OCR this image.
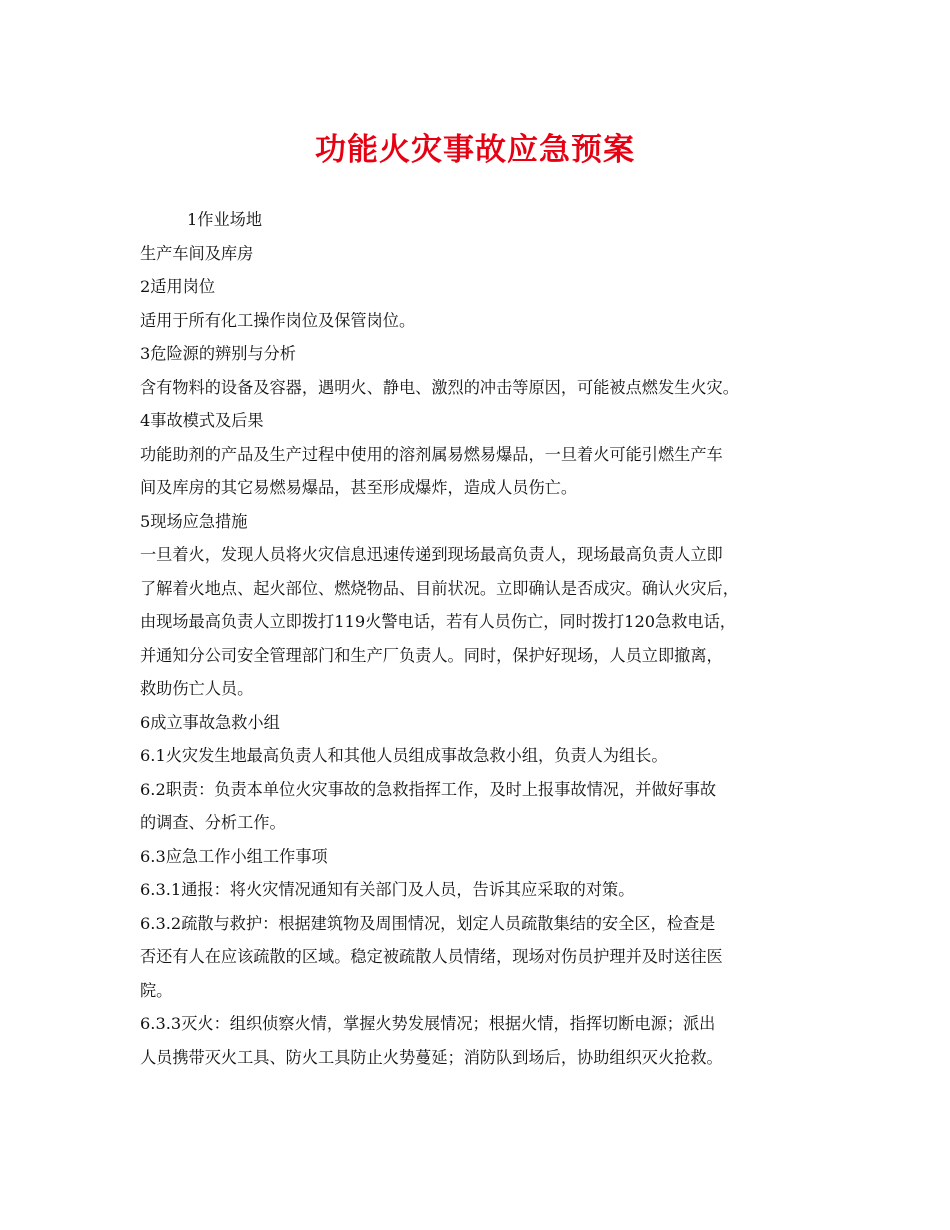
功能火灾事故应急预案
1作业场地
生产车间及库房
2适用岗位
适用于所有化工操作岗位及保管岗位。
3危险源的辨别与分析
含有物料的设备及容器，遇明火、静电、激烈的冲击等原因，可能被点燃发生火灾。
4事故模式及后果
功能助剂的产品及生产过程中使用的溶剂属易燃易爆品，一旦着火可能引燃生产车
间及库房的其它易燃易爆品，甚至形成爆炸，造成人员伤亡。
5现场应急措施
一旦着火，发现人员将火灾信息迅速传递到现场最高负责人，现场最高负责人立即
了解着火地点、起火部位、燃烧物品、目前状况。立即确认是否成灾。确认火灾后，
由现场最高负责人立即拨打119火警电话，若有人员伤亡，同时拨打120急救电话，
并通知分公司安全管理部门和生产厂负责人。同时，保护好现场，人员立即撤离，
救助伤亡人员。
6成立事故急救小组
6.1火灾发生地最高负责人和其他人员组成事故急救小组，负责人为组长。
6.2职责：负责本单位火灾事故的急救指挥工作，及时上报事故情况，并做好事故
的调查、分析工作。
6.3应急工作小组工作事项
6.3.1通报：将火灾情况通知有关部门及人员，告诉其应采取的对策。
6.3.2疏散与救护：根据建筑物及周围情况，划定人员疏散集结的安全区，检查是
否还有人在应该疏散的区域。稳定被疏散人员情绪，现场对伤员护理并及时送往医
院。
6.3.3灭火：组织侦察火情，掌握火势发展情况；根据火情，指挥切断电源；派出
人员携带灭火工具、防火工具防止火势蔓延；消防队到场后，协助组织灭火抢救。
